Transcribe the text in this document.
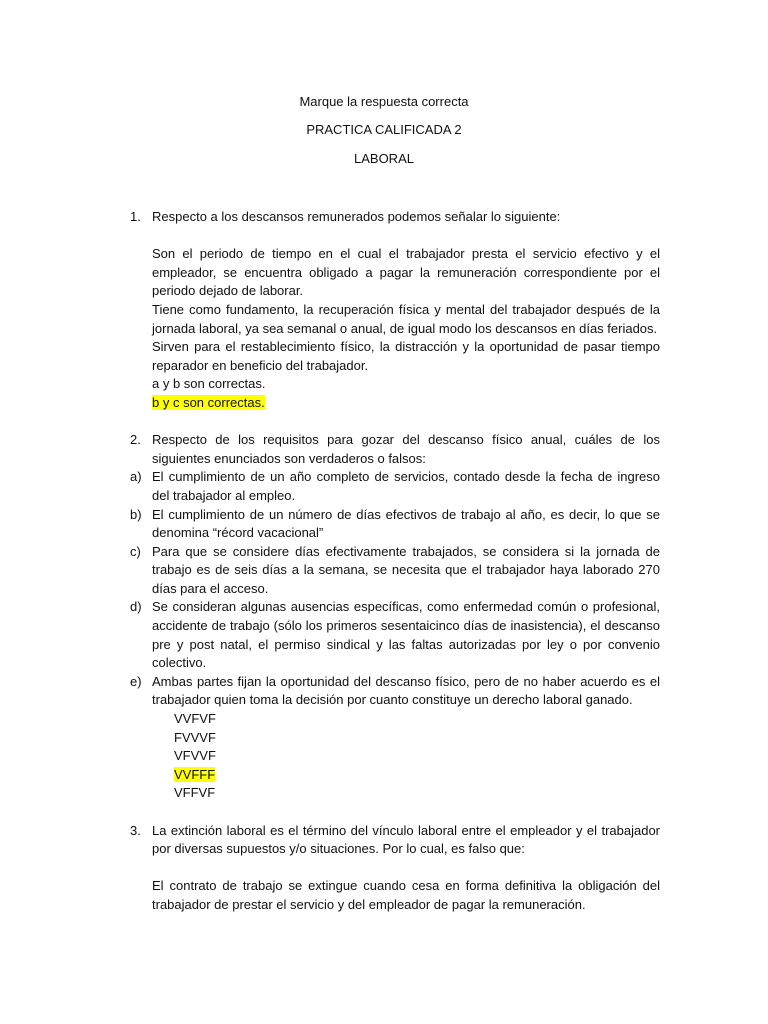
Marque la respuesta correcta
PRACTICA CALIFICADA 2
LABORAL
1. Respecto a los descansos remunerados podemos señalar lo siguiente:

Son el periodo de tiempo en el cual el trabajador presta el servicio efectivo y el empleador, se encuentra obligado a pagar la remuneración correspondiente por el periodo dejado de laborar.

Tiene como fundamento, la recuperación física y mental del trabajador después de la jornada laboral, ya sea semanal o anual, de igual modo los descansos en días feriados.

Sirven para el restablecimiento físico, la distracción y la oportunidad de pasar tiempo reparador en beneficio del trabajador.

a y b son correctas.

b y c son correctas.

2. Respecto de los requisitos para gozar del descanso físico anual, cuáles de los siguientes enunciados son verdaderos o falsos:
a) El cumplimiento de un año completo de servicios, contado desde la fecha de ingreso del trabajador al empleo.
b) El cumplimiento de un número de días efectivos de trabajo al año, es decir, lo que se denomina “récord vacacional”
c) Para que se considere días efectivamente trabajados, se considera si la jornada de trabajo es de seis días a la semana, se necesita que el trabajador haya laborado 270 días para el acceso.
d) Se consideran algunas ausencias específicas, como enfermedad común o profesional, accidente de trabajo (sólo los primeros sesentaicinco días de inasistencia), el descanso pre y post natal, el permiso sindical y las faltas autorizadas por ley o por convenio colectivo.
e) Ambas partes fijan la oportunidad del descanso físico, pero de no haber acuerdo es el trabajador quien toma la decisión por cuanto constituye un derecho laboral ganado.
VVFVF
FVVVF
VFVVF
VVFFF
VFFVF
3. La extinción laboral es el término del vínculo laboral entre el empleador y el trabajador por diversas supuestos y/o situaciones. Por lo cual, es falso que:

El contrato de trabajo se extingue cuando cesa en forma definitiva la obligación del trabajador de prestar el servicio y del empleador de pagar la remuneración.
